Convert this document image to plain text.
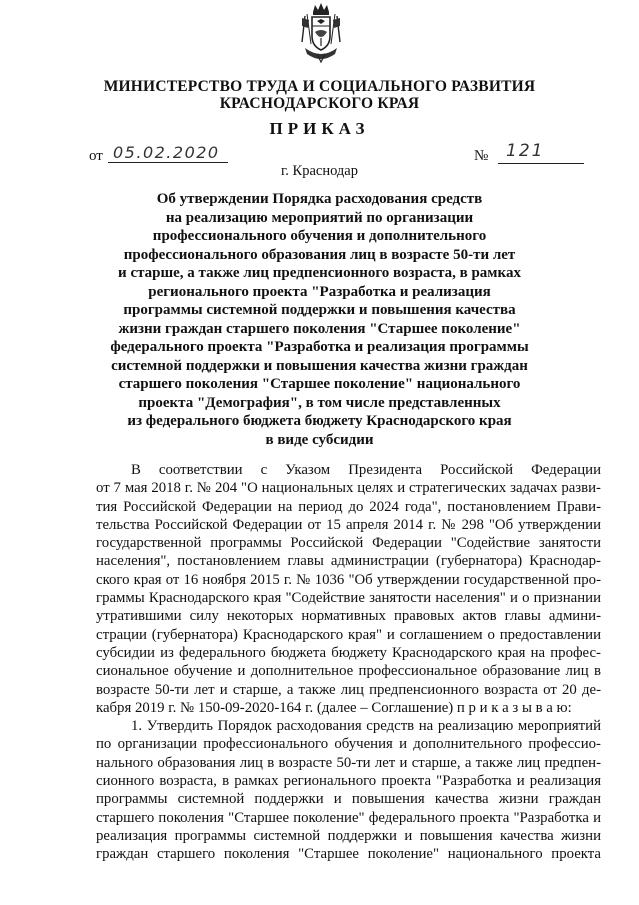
МИНИСТЕРСТВО ТРУДА И СОЦИАЛЬНОГО РАЗВИТИЯ
КРАСНОДАРСКОГО КРАЯ
ПРИКАЗ
от 05.02.2020	№ 121
г. Краснодар
Об утверждении Порядка расходования средств
на реализацию мероприятий по организации
профессионального обучения и дополнительного
профессионального образования лиц в возрасте 50-ти лет
и старше, а также лиц предпенсионного возраста, в рамках
регионального проекта "Разработка и реализация
программы системной поддержки и повышения качества
жизни граждан старшего поколения "Старшее поколение"
федерального проекта "Разработка и реализация программы
системной поддержки и повышения качества жизни граждан
старшего поколения "Старшее поколение" национального
проекта "Демография", в том числе представленных
из федерального бюджета бюджету Краснодарского края
в виде субсидии
В соответствии с Указом Президента Российской Федерации
от 7 мая 2018 г. № 204 "О национальных целях и стратегических задачах разви-
тия Российской Федерации на период до 2024 года", постановлением Прави-
тельства Российской Федерации от 15 апреля 2014 г. № 298 "Об утверждении
государственной программы Российской Федерации "Содействие занятости
населения", постановлением главы администрации (губернатора) Краснодар-
ского края от 16 ноября 2015 г. № 1036 "Об утверждении государственной про-
граммы Краснодарского края "Содействие занятости населения" и о признании
утратившими силу некоторых нормативных правовых актов главы админи-
страции (губернатора) Краснодарского края" и соглашением о предоставлении
субсидии из федерального бюджета бюджету Краснодарского края на профес-
сиональное обучение и дополнительное профессиональное образование лиц в
возрасте 50-ти лет и старше, а также лиц предпенсионного возраста от 20 де-
кабря 2019 г. № 150-09-2020-164 г. (далее – Соглашение) п р и к а з ы в а ю:
1. Утвердить Порядок расходования средств на реализацию мероприятий
по организации профессионального обучения и дополнительного профессио-
нального образования лиц в возрасте 50-ти лет и старше, а также лиц предпен-
сионного возраста, в рамках регионального проекта "Разработка и реализация
программы системной поддержки и повышения качества жизни граждан
старшего поколения "Старшее поколение" федерального проекта "Разработка и
реализация программы системной поддержки и повышения качества жизни
граждан старшего поколения "Старшее поколение" национального проекта
